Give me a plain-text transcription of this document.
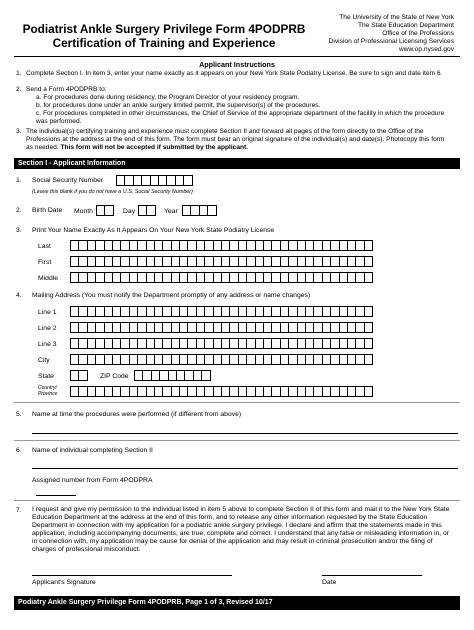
Podiatrist Ankle Surgery Privilege Form 4PODPRB
Certification of Training and Experience
The University of the State of New York
The State Education Department
Office of the Professions
Division of Professional Licensing Services
www.op.nysed.gov
Applicant Instructions
1. Complete Section I. In item 3, enter your name exactly as it appears on your New York State Podiatry License. Be sure to sign and date item 6.
2. Send a Form 4PODPRB to:
a. For procedures done during residency, the Program Director of your residency program.
b. for procedures done under an ankle surgery limited permit, the supervisor(s) of the procedures.
c. For procedures completed in other circumstances, the Chief of Service of the appropriate department of the facility in which the procedure was performed.
3. The individual(s) certifying training and experience must complete Section II and forward all pages of the form directly to the Office of the Professions at the address at the end of this form. The form must bear an original signature of the individual(s) and date(s). Photocopy this form as needed. This form will not be accepted if submitted by the applicant.
Section I - Applicant Information
1. Social Security Number
(Leave this blank if you do not have a U.S. Social Security Number)
2. Birth Date Month	Day	Year
3. Print Your Name Exactly As It Appears On Your New York State Podiatry License
Last
First
Middle
4. Mailing Address (You must notify the Department promptly of any address or name changes)
Line 1
Line 2
Line 3
City
State	ZIP Code
Country/
Province
5. Name at time the procedures were performed (if different from above)
6. Name of individual completing Section II
Assigned number from Form 4PODPRA
7. I request and give my permission to the individual listed in item 5 above to complete Section II of this form and mail it to the New York State Education Department at the address at the end of this form, and to release any other information requested by the State Education Department in connection with my application for a podiatric ankle surgery privilege. I declare and affirm that the statements made in this application, including accompanying documents, are true, complete and correct. I understand that any false or misleading information in, or in connection with, my application may be cause for denial of the application and may result in criminal prosecution and/or the filing of charges of professional misconduct.
Applicant's Signature	Date
Podiatry Ankle Surgery Privilege Form 4PODPRB, Page 1 of 3, Revised 10/17
